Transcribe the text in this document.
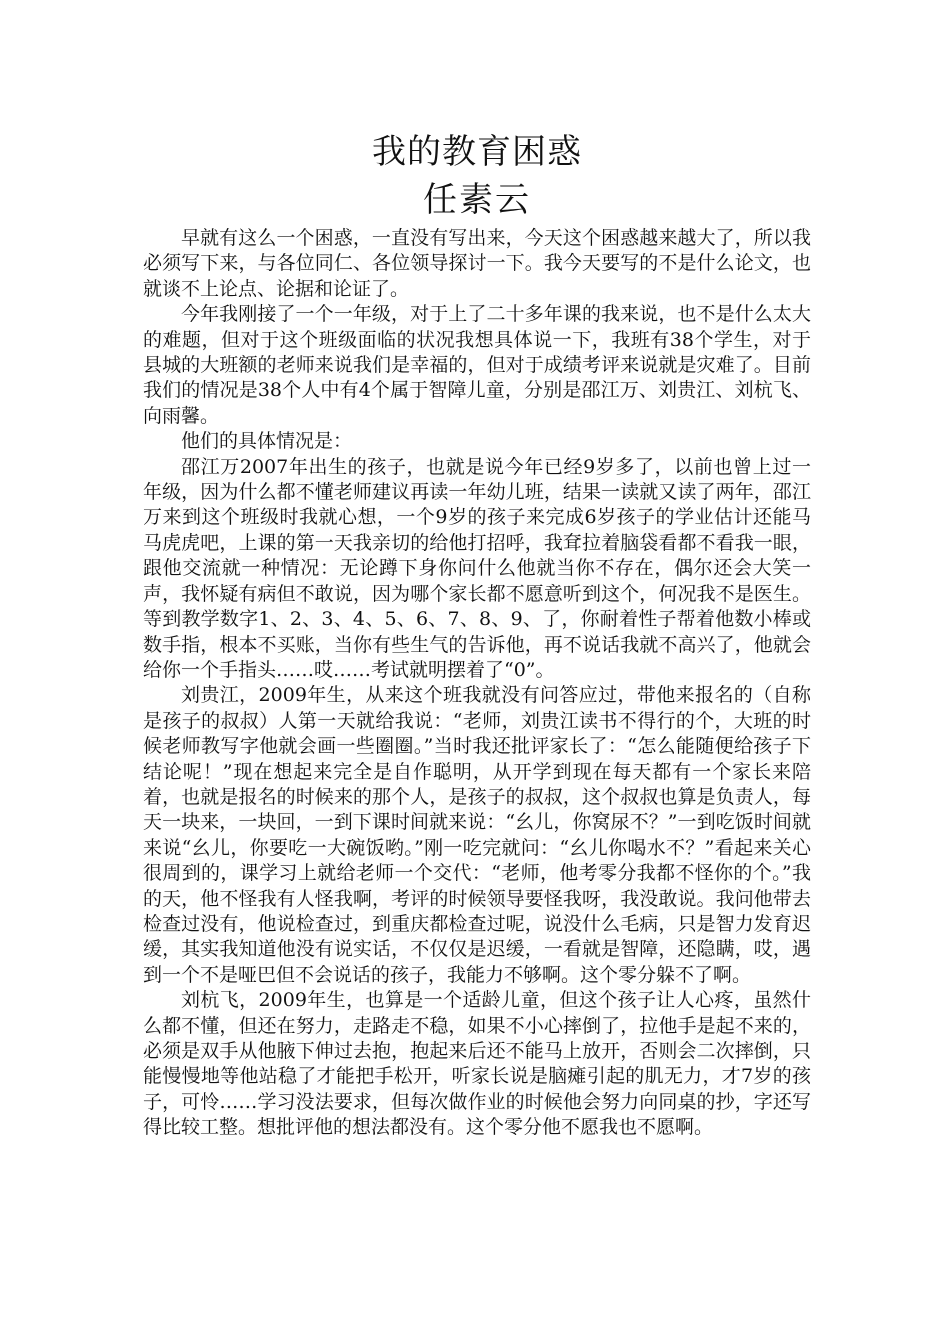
我的教育困惑
任素云

早就有这么一个困惑，一直没有写出来，今天这个困惑越来越大了，所以我必须写下来，与各位同仁、各位领导探讨一下。我今天要写的不是什么论文，也就谈不上论点、论据和论证了。

今年我刚接了一个一年级，对于上了二十多年课的我来说，也不是什么太大的难题，但对于这个班级面临的状况我想具体说一下，我班有38个学生，对于县城的大班额的老师来说我们是幸福的，但对于成绩考评来说就是灾难了。目前我们的情况是38个人中有4个属于智障儿童，分别是邵江万、刘贵江、刘杭飞、向雨馨。

他们的具体情况是：

邵江万2007年出生的孩子，也就是说今年已经9岁多了，以前也曾上过一年级，因为什么都不懂老师建议再读一年幼儿班，结果一读就又读了两年，邵江万来到这个班级时我就心想，一个9岁的孩子来完成6岁孩子的学业估计还能马马虎虎吧，上课的第一天我亲切的给他打招呼，我耷拉着脑袋看都不看我一眼，跟他交流就一种情况：无论蹲下身你问什么他就当你不存在，偶尔还会大笑一声，我怀疑有病但不敢说，因为哪个家长都不愿意听到这个，何况我不是医生。等到教学数字1、2、3、4、5、6、7、8、9、了，你耐着性子帮着他数小棒或数手指，根本不买账，当你有些生气的告诉他，再不说话我就不高兴了，他就会给你一个手指头……哎……考试就明摆着了“0”。

刘贵江，2009年生，从来这个班我就没有问答应过，带他来报名的（自称是孩子的叔叔）人第一天就给我说：“老师，刘贵江读书不得行的个，大班的时候老师教写字他就会画一些圈圈。”当时我还批评家长了：“怎么能随便给孩子下结论呢！”现在想起来完全是自作聪明，从开学到现在每天都有一个家长来陪着，也就是报名的时候来的那个人，是孩子的叔叔，这个叔叔也算是负责人，每天一块来，一块回，一到下课时间就来说：“幺儿，你窝尿不？”一到吃饭时间就来说“幺儿，你要吃一大碗饭哟。”刚一吃完就问：“幺儿你喝水不？”看起来关心很周到的，课学习上就给老师一个交代：“老师，他考零分我都不怪你的个。”我的天，他不怪我有人怪我啊，考评的时候领导要怪我呀，我没敢说。我问他带去检查过没有，他说检查过，到重庆都检查过呢，说没什么毛病，只是智力发育迟缓，其实我知道他没有说实话，不仅仅是迟缓，一看就是智障，还隐瞒，哎，遇到一个不是哑巴但不会说话的孩子，我能力不够啊。这个零分躲不了啊。

刘杭飞，2009年生，也算是一个适龄儿童，但这个孩子让人心疼，虽然什么都不懂，但还在努力，走路走不稳，如果不小心摔倒了，拉他手是起不来的，必须是双手从他腋下伸过去抱，抱起来后还不能马上放开，否则会二次摔倒，只能慢慢地等他站稳了才能把手松开，听家长说是脑瘫引起的肌无力，才7岁的孩子，可怜……学习没法要求，但每次做作业的时候他会努力向同桌的抄，字还写得比较工整。想批评他的想法都没有。这个零分他不愿我也不愿啊。
